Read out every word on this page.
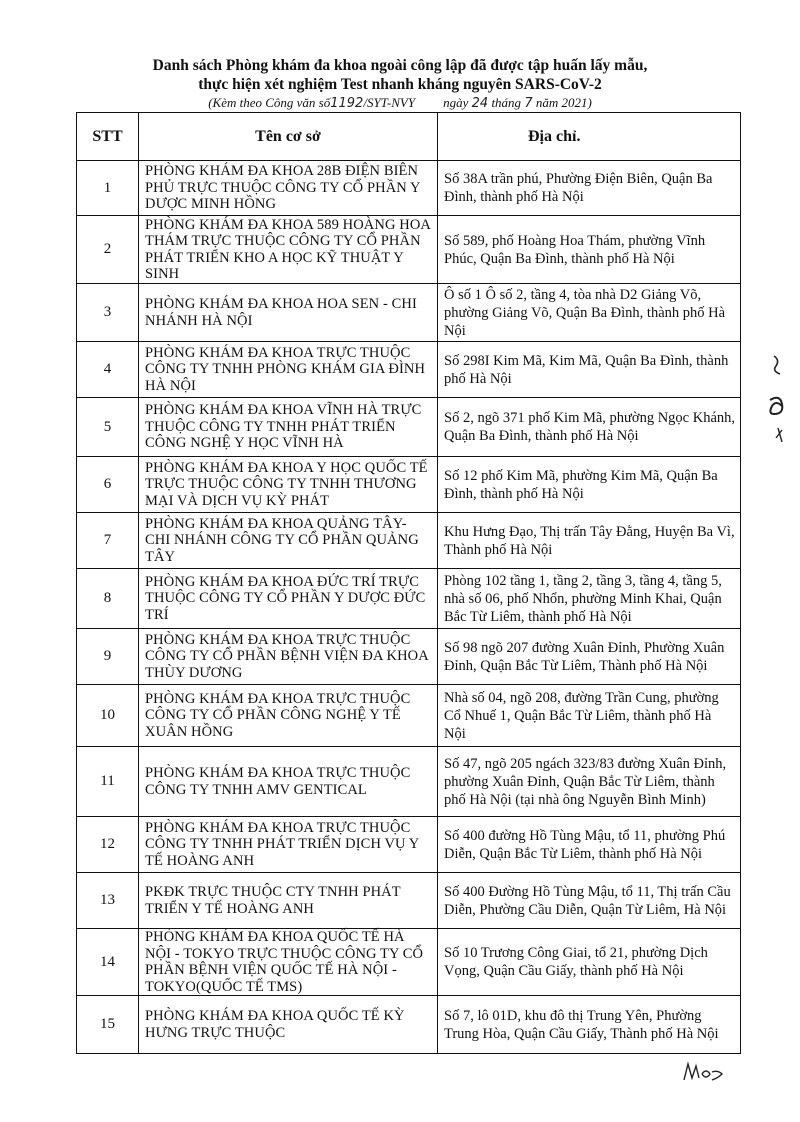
Danh sách Phòng khám đa khoa ngoài công lập đã được tập huấn lấy mẫu,
thực hiện xét nghiệm Test nhanh kháng nguyên SARS-CoV-2
(Kèm theo Công văn số1192/SYT-NVY ngày 24 tháng 7 năm 2021)
STT	Tên cơ sở	Địa chỉ.
1	PHÒNG KHÁM ĐA KHOA 28B ĐIỆN BIÊN PHỦ TRỰC THUỘC CÔNG TY CỔ PHẦN Y DƯỢC MINH HỒNG	Số 38A trần phú, Phường Điện Biên, Quận Ba Đình, thành phố Hà Nội
2	PHÒNG KHÁM ĐA KHOA 589 HOÀNG HOA THÁM TRỰC THUỘC CÔNG TY CỔ PHẦN PHÁT TRIỂN KHO A HỌC KỸ THUẬT Y SINH	Số 589, phố Hoàng Hoa Thám, phường Vĩnh Phúc, Quận Ba Đình, thành phố Hà Nội
3	PHÒNG KHÁM ĐA KHOA HOA SEN - CHI NHÁNH HÀ NỘI	Ô số 1 Ô số 2, tầng 4, tòa nhà D2 Giảng Võ, phường Giảng Võ, Quận Ba Đình, thành phố Hà Nội
4	PHÒNG KHÁM ĐA KHOA TRỰC THUỘC CÔNG TY TNHH PHÒNG KHÁM GIA ĐÌNH HÀ NỘI	Số 298I Kim Mã, Kim Mã, Quận Ba Đình, thành phố Hà Nội
5	PHÒNG KHÁM ĐA KHOA VĨNH HÀ TRỰC THUỘC CÔNG TY TNHH PHÁT TRIỂN CÔNG NGHỆ Y HỌC VĨNH HÀ	Số 2, ngõ 371 phố Kim Mã, phường Ngọc Khánh, Quận Ba Đình, thành phố Hà Nội
6	PHÒNG KHÁM ĐA KHOA Y HỌC QUỐC TẾ TRỰC THUỘC CÔNG TY TNHH THƯƠNG MẠI VÀ DỊCH VỤ KỲ PHÁT	Số 12 phố Kim Mã, phường Kim Mã, Quận Ba Đình, thành phố Hà Nội
7	PHÒNG KHÁM ĐA KHOA QUẢNG TÂY- CHI NHÁNH CÔNG TY CỔ PHẦN QUẢNG TÂY	Khu Hưng Đạo, Thị trấn Tây Đằng, Huyện Ba Vì, Thành phố Hà Nội
8	PHÒNG KHÁM ĐA KHOA ĐỨC TRÍ TRỰC THUỘC CÔNG TY CỔ PHẦN Y DƯỢC ĐỨC TRÍ	Phòng 102 tầng 1, tầng 2, tầng 3, tầng 4, tầng 5, nhà số 06, phố Nhổn, phường Minh Khai, Quận Bắc Từ Liêm, thành phố Hà Nội
9	PHÒNG KHÁM ĐA KHOA TRỰC THUỘC CÔNG TY CỔ PHẦN BỆNH VIỆN ĐA KHOA THÙY DƯƠNG	Số 98 ngõ 207 đường Xuân Đỉnh, Phường Xuân Đỉnh, Quận Bắc Từ Liêm, Thành phố Hà Nội
10	PHÒNG KHÁM ĐA KHOA TRỰC THUỘC CÔNG TY CỔ PHẦN CÔNG NGHỆ Y TẾ XUÂN HỒNG	Nhà số 04, ngõ 208, đường Trần Cung, phường Cổ Nhuế 1, Quận Bắc Từ Liêm, thành phố Hà Nội
11	PHÒNG KHÁM ĐA KHOA TRỰC THUỘC CÔNG TY TNHH AMV GENTICAL	Số 47, ngõ 205 ngách 323/83 đường Xuân Đỉnh, phường Xuân Đỉnh, Quận Bắc Từ Liêm, thành phố Hà Nội (tại nhà ông Nguyễn Bình Minh)
12	PHÒNG KHÁM ĐA KHOA TRỰC THUỘC CÔNG TY TNHH PHÁT TRIỂN DỊCH VỤ Y TẾ HOÀNG ANH	Số 400 đường Hồ Tùng Mậu, tổ 11, phường Phú Diễn, Quận Bắc Từ Liêm, thành phố Hà Nội
13	PKĐK TRỰC THUỘC CTY TNHH PHÁT TRIỂN Y TẾ HOÀNG ANH	Số 400 Đường Hồ Tùng Mậu, tổ 11, Thị trấn Cầu Diễn, Phường Cầu Diễn, Quận Từ Liêm, Hà Nội
14	PHÒNG KHÁM ĐA KHOA QUỐC TẾ HÀ NỘI - TOKYO TRỰC THUỘC CÔNG TY CỔ PHẦN BỆNH VIỆN QUỐC TẾ HÀ NỘI - TOKYO(QUỐC TẾ TMS)	Số 10 Trương Công Giai, tổ 21, phường Dịch Vọng, Quận Cầu Giấy, thành phố Hà Nội
15	PHÒNG KHÁM ĐA KHOA QUỐC TẾ KỲ HƯNG TRỰC THUỘC	Số 7, lô 01D, khu đô thị Trung Yên, Phường Trung Hòa, Quận Cầu Giấy, Thành phố Hà Nội
